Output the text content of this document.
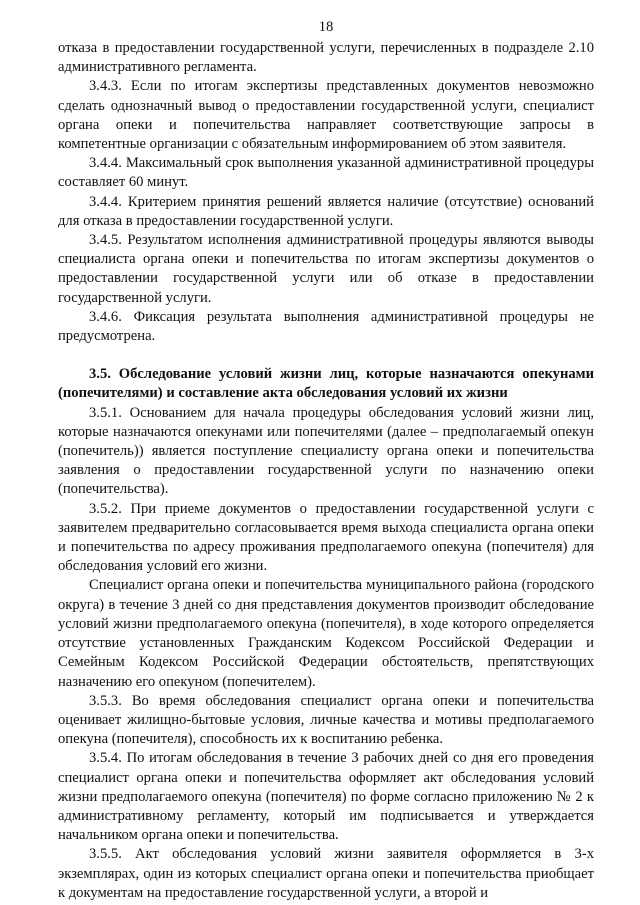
18

отказа в предоставлении государственной услуги, перечисленных в подразделе 2.10 административного регламента.

3.4.3. Если по итогам экспертизы представленных документов невозможно сделать однозначный вывод о предоставлении государственной услуги, специалист органа опеки и попечительства направляет соответствующие запросы в компетентные организации с обязательным информированием об этом заявителя.

3.4.4. Максимальный срок выполнения указанной административной процедуры составляет 60 минут.

3.4.4. Критерием принятия решений является наличие (отсутствие) оснований для отказа в предоставлении государственной услуги.

3.4.5. Результатом исполнения административной процедуры являются выводы специалиста органа опеки и попечительства по итогам экспертизы документов о предоставлении государственной услуги или об отказе в предоставлении государственной услуги.

3.4.6. Фиксация результата выполнения административной процедуры не предусмотрена.

3.5. Обследование условий жизни лиц, которые назначаются опекунами (попечителями) и составление акта обследования условий их жизни

3.5.1. Основанием для начала процедуры обследования условий жизни лиц, которые назначаются опекунами или попечителями (далее – предполагаемый опекун (попечитель)) является поступление специалисту органа опеки и попечительства заявления о предоставлении государственной услуги по назначению опеки (попечительства).

3.5.2. При приеме документов о предоставлении государственной услуги с заявителем предварительно согласовывается время выхода специалиста органа опеки и попечительства по адресу проживания предполагаемого опекуна (попечителя) для обследования условий его жизни.

Специалист органа опеки и попечительства муниципального района (городского округа) в течение 3 дней со дня представления документов производит обследование условий жизни предполагаемого опекуна (попечителя), в ходе которого определяется отсутствие установленных Гражданским Кодексом Российской Федерации и Семейным Кодексом Российской Федерации обстоятельств, препятствующих назначению его опекуном (попечителем).

3.5.3. Во время обследования специалист органа опеки и попечительства оценивает жилищно-бытовые условия, личные качества и мотивы предполагаемого опекуна (попечителя), способность их к воспитанию ребенка.

3.5.4. По итогам обследования в течение 3 рабочих дней со дня его проведения специалист органа опеки и попечительства оформляет акт обследования условий жизни предполагаемого опекуна (попечителя) по форме согласно приложению № 2 к административному регламенту, который им подписывается и утверждается начальником органа опеки и попечительства.

3.5.5. Акт обследования условий жизни заявителя оформляется в 3-х экземплярах, один из которых специалист органа опеки и попечительства приобщает к документам на предоставление государственной услуги, а второй и
